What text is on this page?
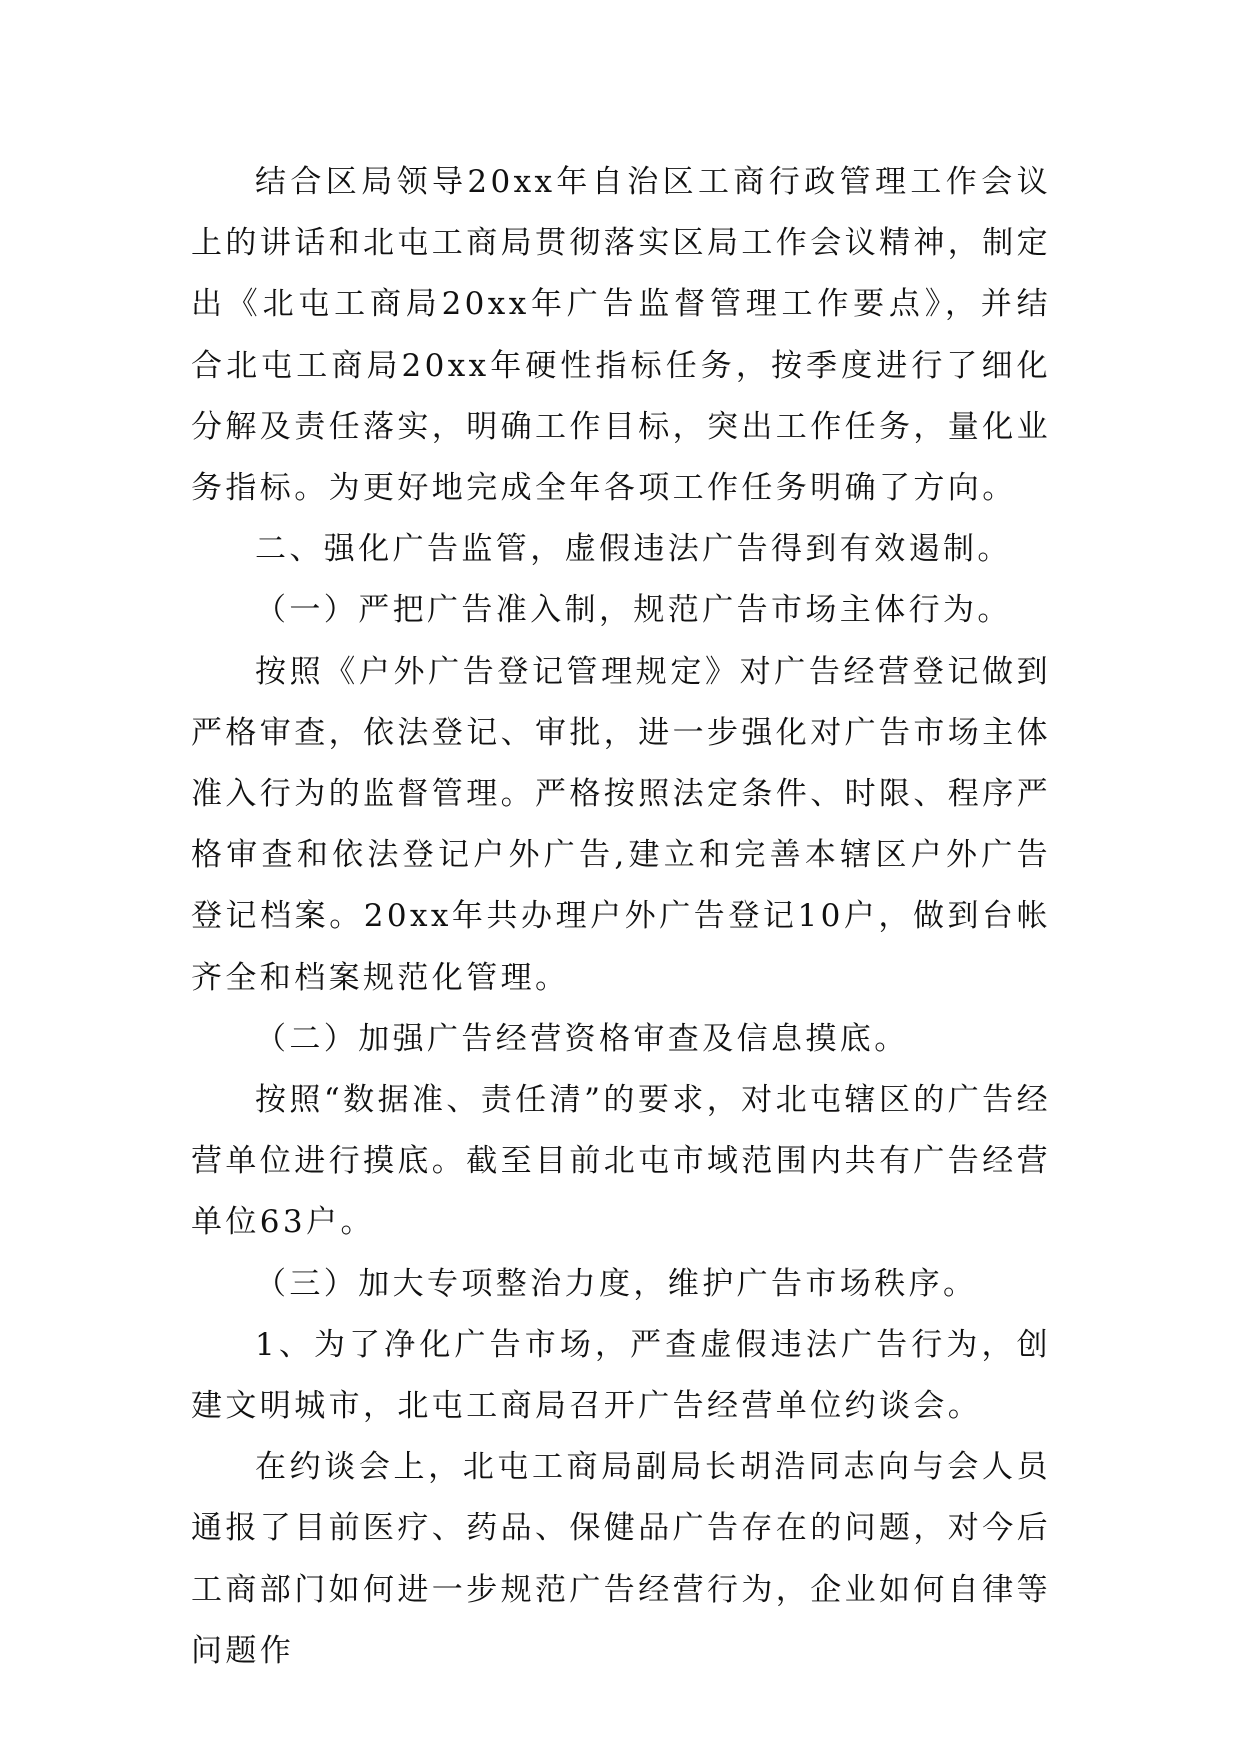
结合区局领导20xx年自治区工商行政管理工作会议上的讲话和北屯工商局贯彻落实区局工作会议精神，制定出《北屯工商局20xx年广告监督管理工作要点》，并结合北屯工商局20xx年硬性指标任务，按季度进行了细化分解及责任落实，明确工作目标，突出工作任务，量化业务指标。为更好地完成全年各项工作任务明确了方向。

二、强化广告监管，虚假违法广告得到有效遏制。

（一）严把广告准入制，规范广告市场主体行为。

按照《户外广告登记管理规定》对广告经营登记做到严格审查，依法登记、审批，进一步强化对广告市场主体准入行为的监督管理。严格按照法定条件、时限、程序严格审查和依法登记户外广告,建立和完善本辖区户外广告登记档案。20xx年共办理户外广告登记10户，做到台帐齐全和档案规范化管理。

（二）加强广告经营资格审查及信息摸底。

按照“数据准、责任清”的要求，对北屯辖区的广告经营单位进行摸底。截至目前北屯市域范围内共有广告经营单位63户。

（三）加大专项整治力度，维护广告市场秩序。

1、为了净化广告市场，严查虚假违法广告行为，创建文明城市，北屯工商局召开广告经营单位约谈会。

在约谈会上，北屯工商局副局长胡浩同志向与会人员通报了目前医疗、药品、保健品广告存在的问题，对今后工商部门如何进一步规范广告经营行为，企业如何自律等问题作
